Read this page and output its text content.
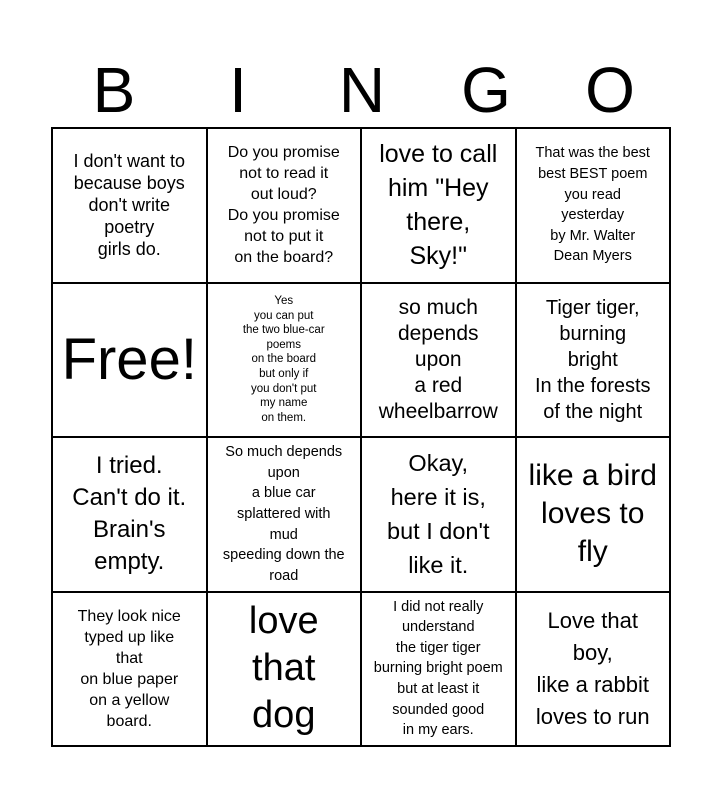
B	I	N	G	O
I don't want to
because boys
don't write
poetry
girls do.
Do you promise
not to read it
out loud?
Do you promise
not to put it
on the board?
love to call
him "Hey
there,
Sky!"
That was the best
best BEST poem
you read
yesterday
by Mr. Walter
Dean Myers
Free!
Yes
you can put
the two blue-car
poems
on the board
but only if
you don't put
my name
on them.
so much
depends
upon
a red
wheelbarrow
Tiger tiger,
burning
bright
In the forests
of the night
I tried.
Can't do it.
Brain's
empty.
So much depends
upon
a blue car
splattered with
mud
speeding down the
road
Okay,
here it is,
but I don't
like it.
like a bird
loves to
fly
They look nice
typed up like
that
on blue paper
on a yellow
board.
love
that
dog
I did not really
understand
the tiger tiger
burning bright poem
but at least it
sounded good
in my ears.
Love that
boy,
like a rabbit
loves to run
